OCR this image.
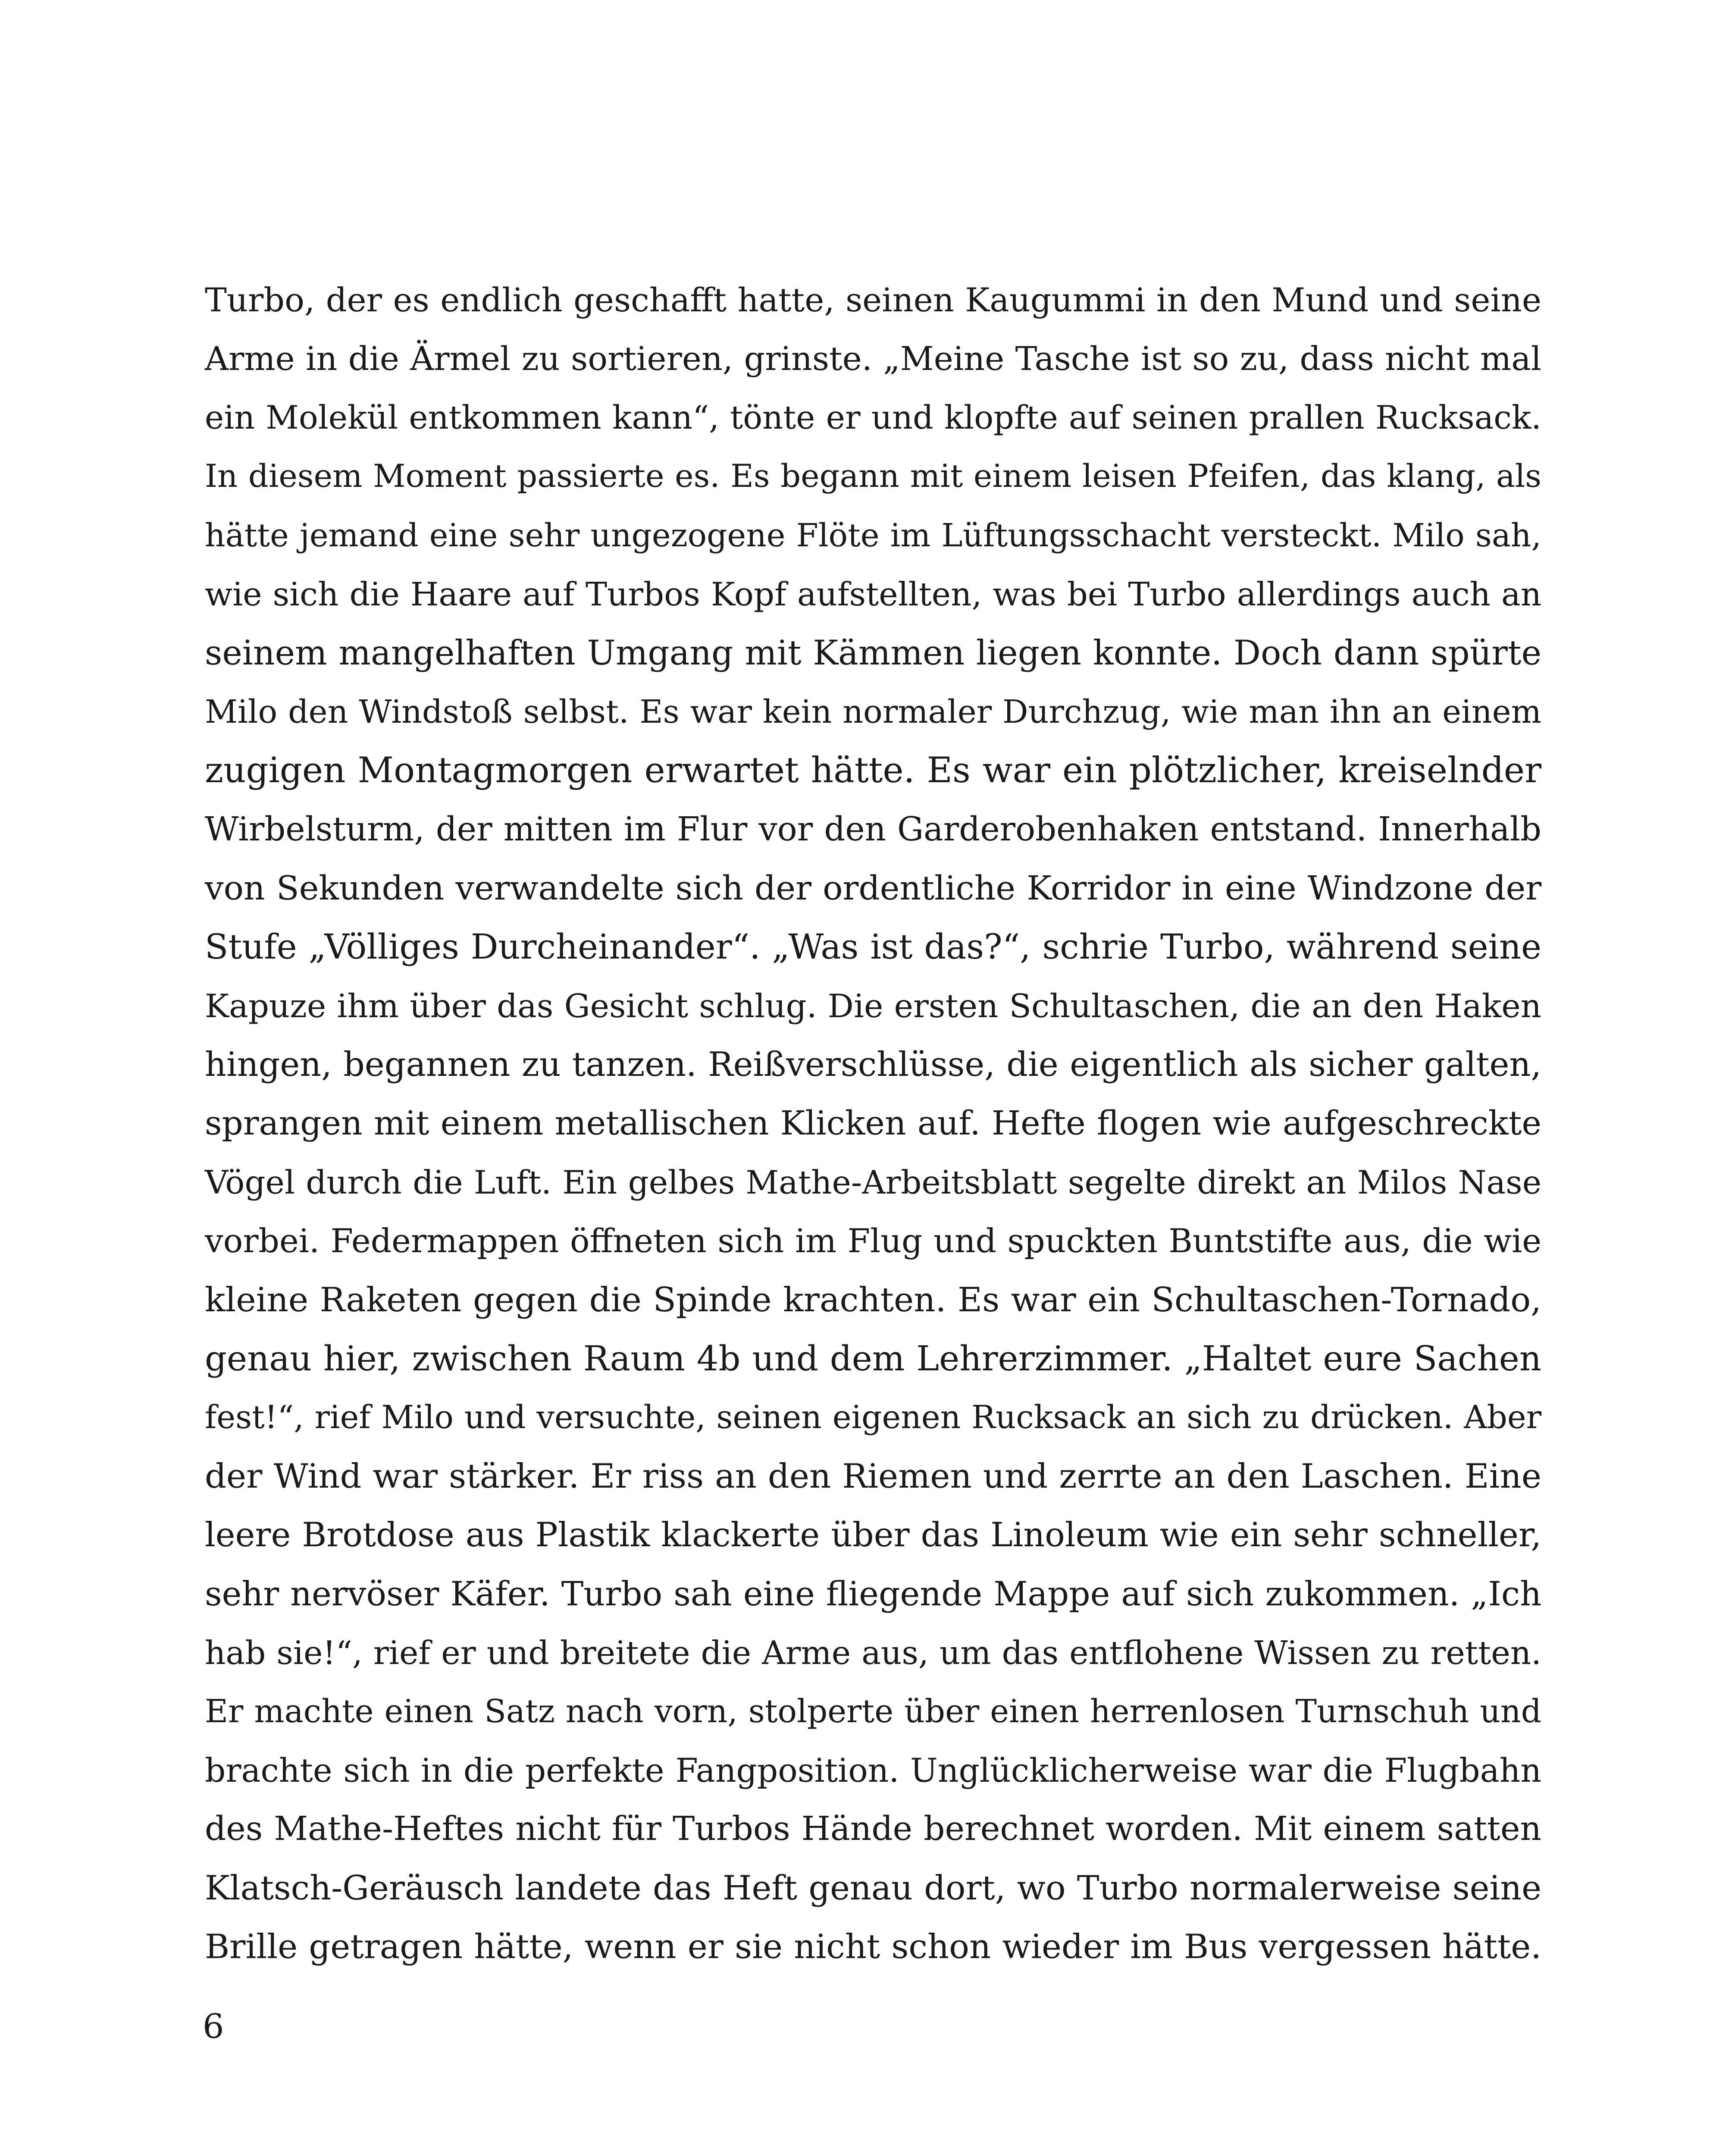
Turbo, der es endlich geschafft hatte, seinen Kaugummi in den Mund und seine
Arme in die Ärmel zu sortieren, grinste. „Meine Tasche ist so zu, dass nicht mal
ein Molekül entkommen kann“, tönte er und klopfte auf seinen prallen Rucksack.
In diesem Moment passierte es. Es begann mit einem leisen Pfeifen, das klang, als
hätte jemand eine sehr ungezogene Flöte im Lüftungsschacht versteckt. Milo sah,
wie sich die Haare auf Turbos Kopf aufstellten, was bei Turbo allerdings auch an
seinem mangelhaften Umgang mit Kämmen liegen konnte. Doch dann spürte
Milo den Windstoß selbst. Es war kein normaler Durchzug, wie man ihn an einem
zugigen Montagmorgen erwartet hätte. Es war ein plötzlicher, kreiselnder
Wirbelsturm, der mitten im Flur vor den Garderobenhaken entstand. Innerhalb
von Sekunden verwandelte sich der ordentliche Korridor in eine Windzone der
Stufe „Völliges Durcheinander“. „Was ist das?“, schrie Turbo, während seine
Kapuze ihm über das Gesicht schlug. Die ersten Schultaschen, die an den Haken
hingen, begannen zu tanzen. Reißverschlüsse, die eigentlich als sicher galten,
sprangen mit einem metallischen Klicken auf. Hefte flogen wie aufgeschreckte
Vögel durch die Luft. Ein gelbes Mathe-Arbeitsblatt segelte direkt an Milos Nase
vorbei. Federmappen öffneten sich im Flug und spuckten Buntstifte aus, die wie
kleine Raketen gegen die Spinde krachten. Es war ein Schultaschen-Tornado,
genau hier, zwischen Raum 4b und dem Lehrerzimmer. „Haltet eure Sachen
fest!“, rief Milo und versuchte, seinen eigenen Rucksack an sich zu drücken. Aber
der Wind war stärker. Er riss an den Riemen und zerrte an den Laschen. Eine
leere Brotdose aus Plastik klackerte über das Linoleum wie ein sehr schneller,
sehr nervöser Käfer. Turbo sah eine fliegende Mappe auf sich zukommen. „Ich
hab sie!“, rief er und breitete die Arme aus, um das entflohene Wissen zu retten.
Er machte einen Satz nach vorn, stolperte über einen herrenlosen Turnschuh und
brachte sich in die perfekte Fangposition. Unglücklicherweise war die Flugbahn
des Mathe-Heftes nicht für Turbos Hände berechnet worden. Mit einem satten
Klatsch-Geräusch landete das Heft genau dort, wo Turbo normalerweise seine
Brille getragen hätte, wenn er sie nicht schon wieder im Bus vergessen hätte.
6
